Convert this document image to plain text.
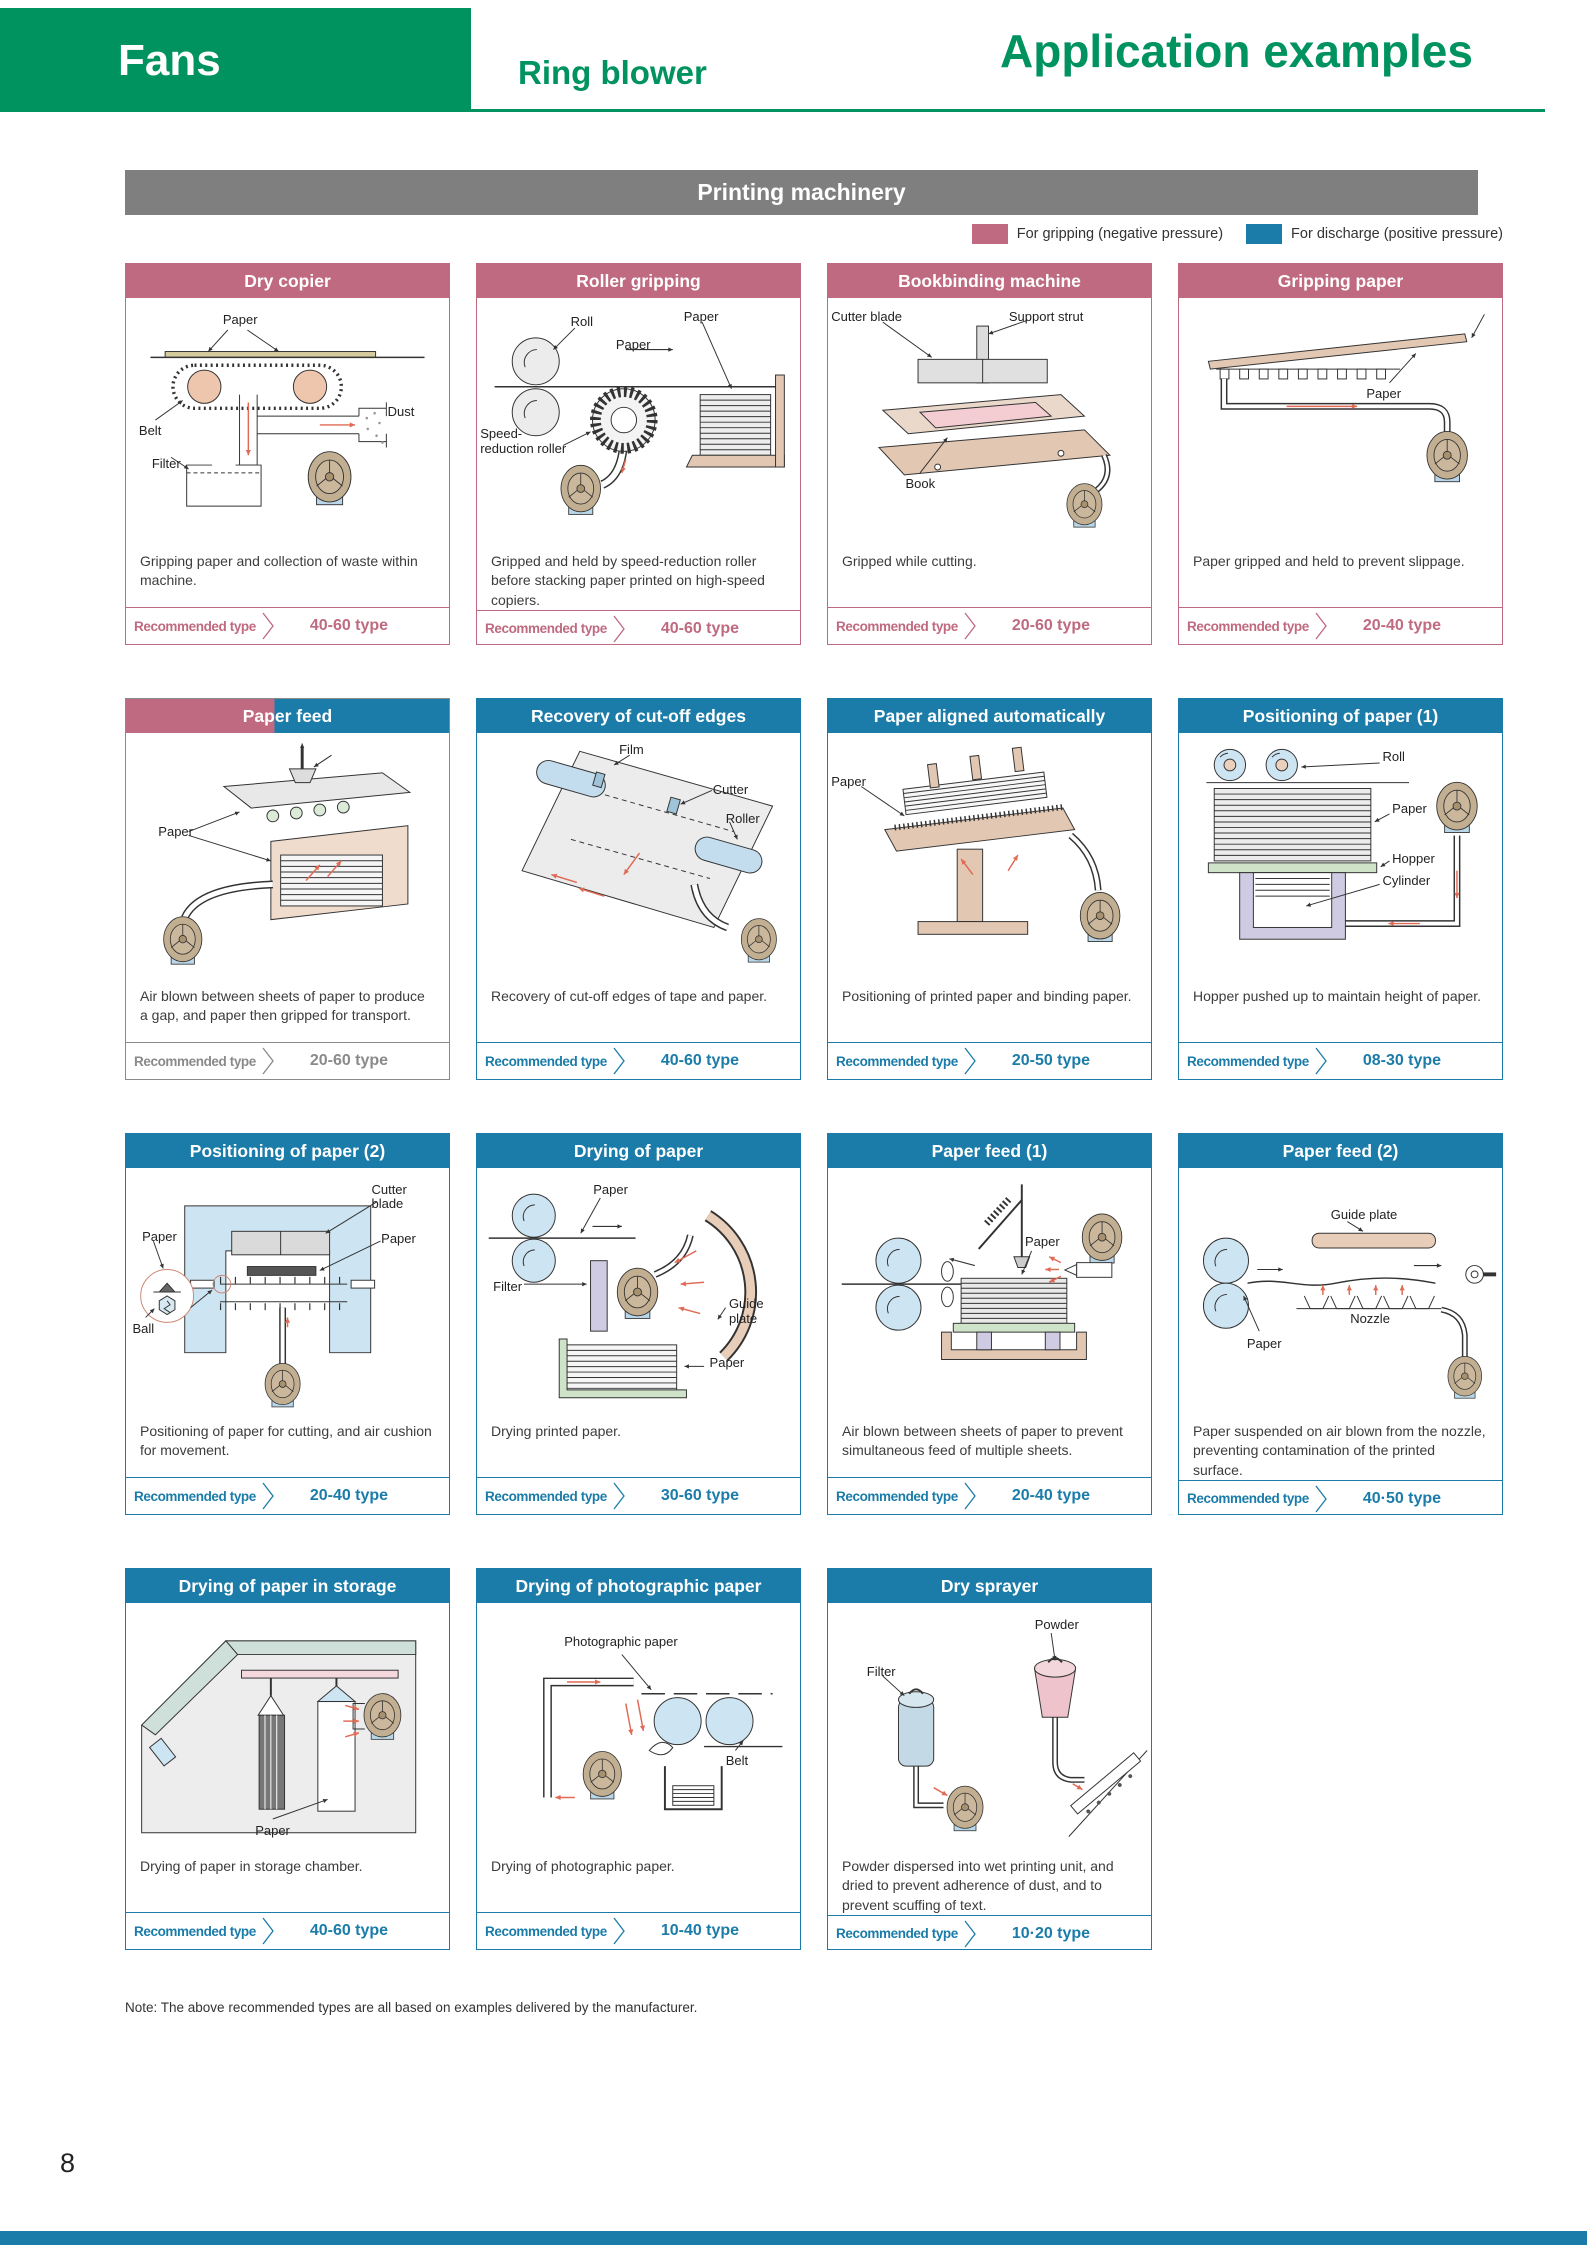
Fans	Ring blower	Application examples
Printing machinery
For gripping (negative pressure)	For discharge (positive pressure)
Dry copier
Paper
Dust
Belt
Filter
Gripping paper and collection of waste within machine.
Recommended type	40-60 type
Roller gripping
Roll
Paper
Paper
Speed-reduction roller
Gripped and held by speed-reduction roller before stacking paper printed on high-speed copiers.
Recommended type	40-60 type
Bookbinding machine
Cutter blade	Support strut
Book
Gripped while cutting.
Recommended type	20-60 type
Gripping paper
Paper
Paper gripped and held to prevent slippage.
Recommended type	20-40 type
Paper feed
Paper
Air blown between sheets of paper to produce a gap, and paper then gripped for transport.
Recommended type	20-60 type
Recovery of cut-off edges
Film
Cutter
Roller
Recovery of cut-off edges of tape and paper.
Recommended type	40-60 type
Paper aligned automatically
Paper
Positioning of printed paper and binding paper.
Recommended type	20-50 type
Positioning of paper (1)
Roll
Paper
Hopper
Cylinder
Hopper pushed up to maintain height of paper.
Recommended type	08-30 type
Positioning of paper (2)
Cutter blade
Paper	Paper
Ball
Positioning of paper for cutting, and air cushion for movement.
Recommended type	20-40 type
Drying of paper
Paper
Filter
Guide plate
Paper
Drying printed paper.
Recommended type	30-60 type
Paper feed (1)
Paper
Air blown between sheets of paper to prevent simultaneous feed of multiple sheets.
Recommended type	20-40 type
Paper feed (2)
Guide plate
Nozzle
Paper
Paper suspended on air blown from the nozzle, preventing contamination of the printed surface.
Recommended type	40·50 type
Drying of paper in storage
Paper
Drying of paper in storage chamber.
Recommended type	40-60 type
Drying of photographic paper
Photographic paper
Belt
Drying of photographic paper.
Recommended type	10-40 type
Dry sprayer
Powder
Filter
Powder dispersed into wet printing unit, and dried to prevent adherence of dust, and to prevent scuffing of text.
Recommended type	10·20 type
Note: The above recommended types are all based on examples delivered by the manufacturer.
8
